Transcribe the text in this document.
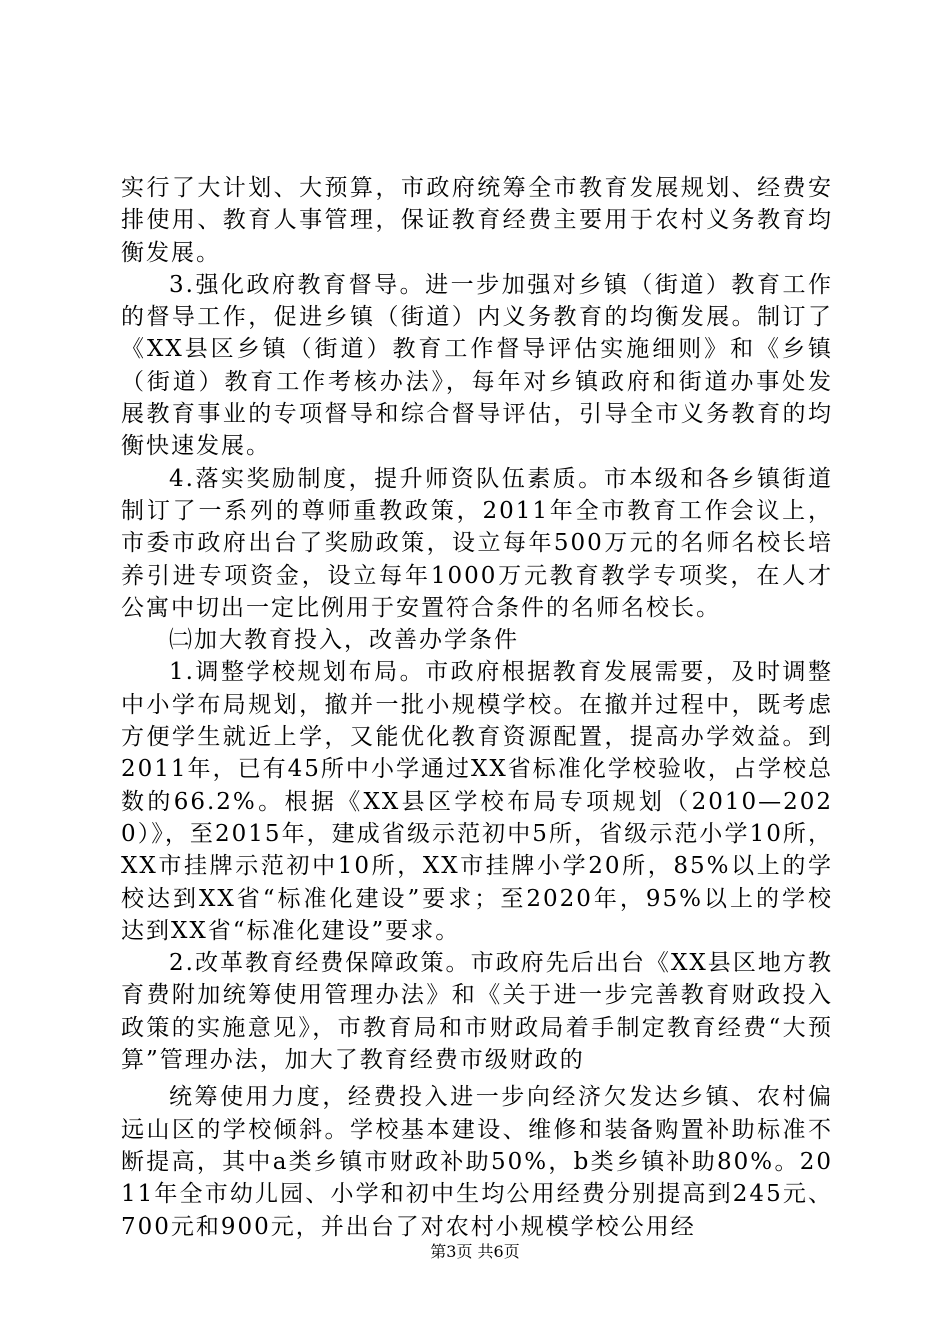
实行了大计划、大预算，市政府统筹全市教育发展规划、经费安排使用、教育人事管理，保证教育经费主要用于农村义务教育均衡发展。

3.强化政府教育督导。进一步加强对乡镇（街道）教育工作的督导工作，促进乡镇（街道）内义务教育的均衡发展。制订了《XX县区乡镇（街道）教育工作督导评估实施细则》和《乡镇（街道）教育工作考核办法》，每年对乡镇政府和街道办事处发展教育事业的专项督导和综合督导评估，引导全市义务教育的均衡快速发展。

4.落实奖励制度，提升师资队伍素质。市本级和各乡镇街道制订了一系列的尊师重教政策，2011年全市教育工作会议上，市委市政府出台了奖励政策，设立每年500万元的名师名校长培养引进专项资金，设立每年1000万元教育教学专项奖，在人才公寓中切出一定比例用于安置符合条件的名师名校长。

㈡加大教育投入，改善办学条件

1.调整学校规划布局。市政府根据教育发展需要，及时调整中小学布局规划，撤并一批小规模学校。在撤并过程中，既考虑方便学生就近上学，又能优化教育资源配置，提高办学效益。到2011年，已有45所中小学通过XX省标准化学校验收，占学校总数的66.2%。根据《XX县区学校布局专项规划（2010—2020）》，至2015年，建成省级示范初中5所，省级示范小学10所，XX市挂牌示范初中10所，XX市挂牌小学20所，85%以上的学校达到XX省“标准化建设”要求；至2020年，95%以上的学校达到XX省“标准化建设”要求。

2.改革教育经费保障政策。市政府先后出台《XX县区地方教育费附加统筹使用管理办法》和《关于进一步完善教育财政投入政策的实施意见》，市教育局和市财政局着手制定教育经费“大预算”管理办法，加大了教育经费市级财政的

统筹使用力度，经费投入进一步向经济欠发达乡镇、农村偏远山区的学校倾斜。学校基本建设、维修和装备购置补助标准不断提高，其中a类乡镇市财政补助50%，b类乡镇补助80%。2011年全市幼儿园、小学和初中生均公用经费分别提高到245元、700元和900元，并出台了对农村小规模学校公用经

第3页 共6页
